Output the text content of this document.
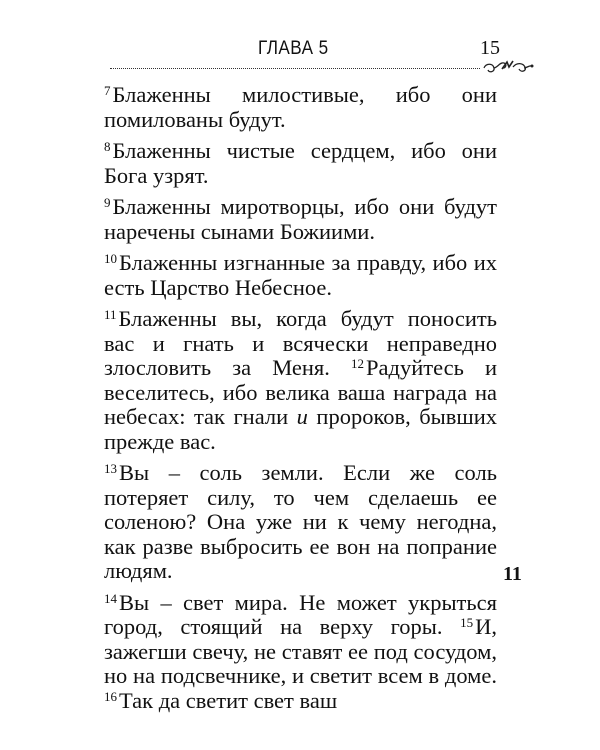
ГЛАВА 5	15

$^7$Блаженны милостивые, ибо они помилованы будут.

$^8$Блаженны чистые сердцем, ибо они Бога узрят.

$^9$Блаженны миротворцы, ибо они будут наречены сынами Божиими.

$^{10}$Блаженны изгнанные за правду, ибо их есть Царство Небесное.

$^{11}$Блаженны вы, когда будут поносить вас и гнать и всячески неправедно злословить за Меня. $^{12}$Радуйтесь и веселитесь, ибо велика ваша награда на небесах: так гнали и пророков, бывших прежде вас.

$^{13}$Вы – соль земли. Если же соль потеряет силу, то чем сделаешь ее соленою? Она уже ни к чему негодна, как разве выбросить ее вон на попрание людям.

$^{14}$Вы – свет мира. Не может укрыться город, стоящий на верху горы. $^{15}$И, зажегши свечу, не ставят ее под сосудом, но на подсвечнике, и светит всем в доме. $^{16}$Так да светит свет ваш

11
